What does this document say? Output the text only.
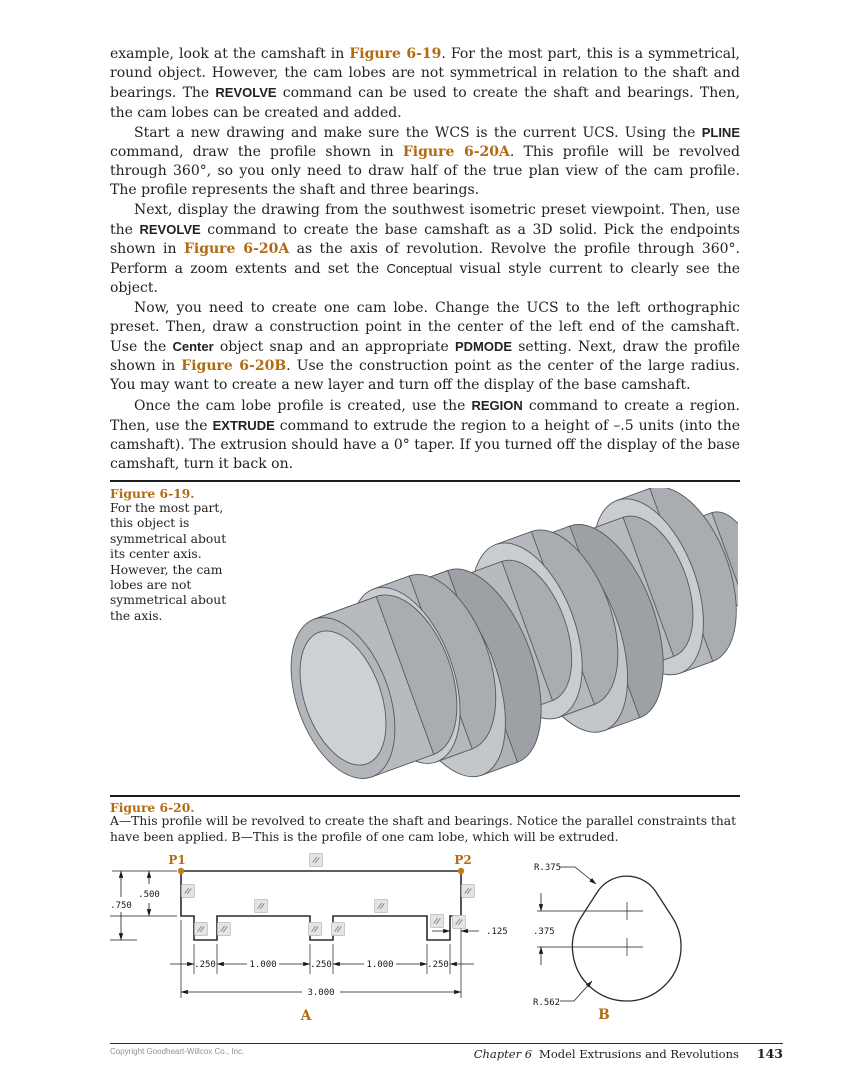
example, look at the camshaft in Figure 6-19. For the most part, this is a symmetrical, round object. However, the cam lobes are not symmetrical in relation to the shaft and bearings. The REVOLVE command can be used to create the shaft and bearings. Then, the cam lobes can be created and added.

Start a new drawing and make sure the WCS is the current UCS. Using the PLINE command, draw the profile shown in Figure 6-20A. This profile will be revolved through 360°, so you only need to draw half of the true plan view of the cam profile. The profile represents the shaft and three bearings.

Next, display the drawing from the southwest isometric preset viewpoint. Then, use the REVOLVE command to create the base camshaft as a 3D solid. Pick the endpoints shown in Figure 6-20A as the axis of revolution. Revolve the profile through 360°. Perform a zoom extents and set the Conceptual visual style current to clearly see the object.

Now, you need to create one cam lobe. Change the UCS to the left orthographic preset. Then, draw a construction point in the center of the left end of the camshaft. Use the Center object snap and an appropriate PDMODE setting. Next, draw the profile shown in Figure 6-20B. Use the construction point as the center of the large radius. You may want to create a new layer and turn off the display of the base camshaft.

Once the cam lobe profile is created, use the REGION command to create a region. Then, use the EXTRUDE command to extrude the region to a height of –.5 units (into the camshaft). The extrusion should have a 0° taper. If you turned off the display of the base camshaft, turn it back on.

Figure 6-19.
For the most part, this object is symmetrical about its center axis. However, the cam lobes are not symmetrical about the axis.
Figure 6-20.
A—This profile will be revolved to create the shaft and bearings. Notice the parallel constraints that have been applied. B—This is the profile of one cam lobe, which will be extruded.
P1	P2
.750
.500
.125
.250	1.000	.250	1.000	.250
3.000
A
R.375
.375
R.562
B
Copyright Goodheart-Willcox Co., Inc.	Chapter 6 Model Extrusions and Revolutions 143
